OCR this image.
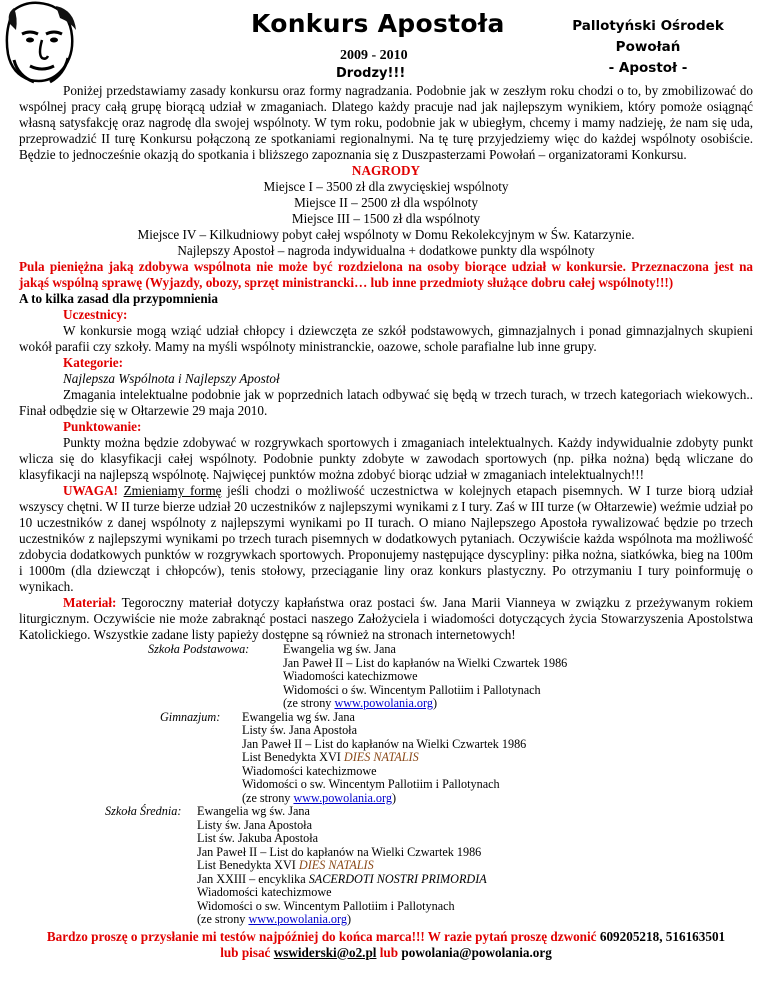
Konkurs Apostoła
2009 - 2010
Drodzy!!!
Pallotyński Ośrodek
Powołań
- Apostoł -

Poniżej przedstawiamy zasady konkursu oraz formy nagradzania. Podobnie jak w zeszłym roku chodzi o to, by zmobilizować do wspólnej pracy całą grupę biorącą udział w zmaganiach. Dlatego każdy pracuje nad jak najlepszym wynikiem, który pomoże osiągnąć własną satysfakcję oraz nagrodę dla swojej wspólnoty. W tym roku, podobnie jak w ubiegłym, chcemy i mamy nadzieję, że nam się uda, przeprowadzić II turę Konkursu połączoną ze spotkaniami regionalnymi. Na tę turę przyjedziemy więc do każdej wspólnoty osobiście. Będzie to jednocześnie okazją do spotkania i bliższego zapoznania się z Duszpasterzami Powołań – organizatorami Konkursu.

NAGRODY

Miejsce I – 3500 zł dla zwycięskiej wspólnoty

Miejsce II – 2500 zł dla wspólnoty

Miejsce III – 1500 zł dla wspólnoty

Miejsce IV – Kilkudniowy pobyt całej wspólnoty w Domu Rekolekcyjnym w Św. Katarzynie.

Najlepszy Apostoł – nagroda indywidualna + dodatkowe punkty dla wspólnoty

Pula pieniężna jaką zdobywa wspólnota nie może być rozdzielona na osoby biorące udział w konkursie. Przeznaczona jest na jakąś wspólną sprawę (Wyjazdy, obozy, sprzęt ministrancki… lub inne przedmioty służące dobru całej wspólnoty!!!)

A to kilka zasad dla przypomnienia

Uczestnicy:

W konkursie mogą wziąć udział chłopcy i dziewczęta ze szkół podstawowych, gimnazjalnych i ponad gimnazjalnych skupieni wokół parafii czy szkoły. Mamy na myśli wspólnoty ministranckie, oazowe, schole parafialne lub inne grupy.

Kategorie:

Najlepsza Wspólnota i Najlepszy Apostoł

Zmagania intelektualne podobnie jak w poprzednich latach odbywać się będą w trzech turach, w trzech kategoriach wiekowych.. Finał odbędzie się w Ołtarzewie 29 maja 2010.

Punktowanie:

Punkty można będzie zdobywać w rozgrywkach sportowych i zmaganiach intelektualnych. Każdy indywidualnie zdobyty punkt wlicza się do klasyfikacji całej wspólnoty. Podobnie punkty zdobyte w zawodach sportowych (np. piłka nożna) będą wliczane do klasyfikacji na najlepszą wspólnotę. Najwięcej punktów można zdobyć biorąc udział w zmaganiach intelektualnych!!!

UWAGA! Zmieniamy formę jeśli chodzi o możliwość uczestnictwa w kolejnych etapach pisemnych. W I turze biorą udział wszyscy chętni. W II turze bierze udział 20 uczestników z najlepszymi wynikami z I tury. Zaś w III turze (w Ołtarzewie) weźmie udział po 10 uczestników z danej wspólnoty z najlepszymi wynikami po II turach. O miano Najlepszego Apostoła rywalizować będzie po trzech uczestników z najlepszymi wynikami po trzech turach pisemnych w dodatkowych pytaniach. Oczywiście każda wspólnota ma możliwość zdobycia dodatkowych punktów w rozgrywkach sportowych. Proponujemy następujące dyscypliny: piłka nożna, siatkówka, bieg na 100m i 1000m (dla dziewcząt i chłopców), tenis stołowy, przeciąganie liny oraz konkurs plastyczny. Po otrzymaniu I tury poinformuję o wynikach.

Materiał: Tegoroczny materiał dotyczy kapłaństwa oraz postaci św. Jana Marii Vianneya w związku z przeżywanym rokiem liturgicznym. Oczywiście nie może zabraknąć postaci naszego Założyciela i wiadomości dotyczących życia Stowarzyszenia Apostolstwa Katolickiego. Wszystkie zadane listy papieży dostępne są również na stronach internetowych!

Szkoła Podstawowa:	Ewangelia wg św. Jana
Jan Paweł II – List do kapłanów na Wielki Czwartek 1986
Wiadomości katechizmowe
Widomości o św. Wincentym Pallotiim i Pallotynach
(ze strony www.powolania.org)
Gimnazjum: Ewangelia wg św. Jana
Listy św. Jana Apostoła
Jan Paweł II – List do kapłanów na Wielki Czwartek 1986
List Benedykta XVI DIES NATALIS
Wiadomości katechizmowe
Widomości o sw. Wincentym Pallotiim i Pallotynach
(ze strony www.powolania.org)
Szkoła Średnia: Ewangelia wg św. Jana
Listy św. Jana Apostoła
List św. Jakuba Apostoła
Jan Paweł II – List do kapłanów na Wielki Czwartek 1986
List Benedykta XVI DIES NATALIS
Jan XXIII – encyklika SACERDOTI NOSTRI PRIMORDIA
Wiadomości katechizmowe
Widomości o sw. Wincentym Pallotiim i Pallotynach
(ze strony www.powolania.org)

Bardzo proszę o przysłanie mi testów najpóźniej do końca marca!!! W razie pytań proszę dzwonić 609205218, 516163501

lub pisać wswiderski@o2.pl lub powolania@powolania.org
